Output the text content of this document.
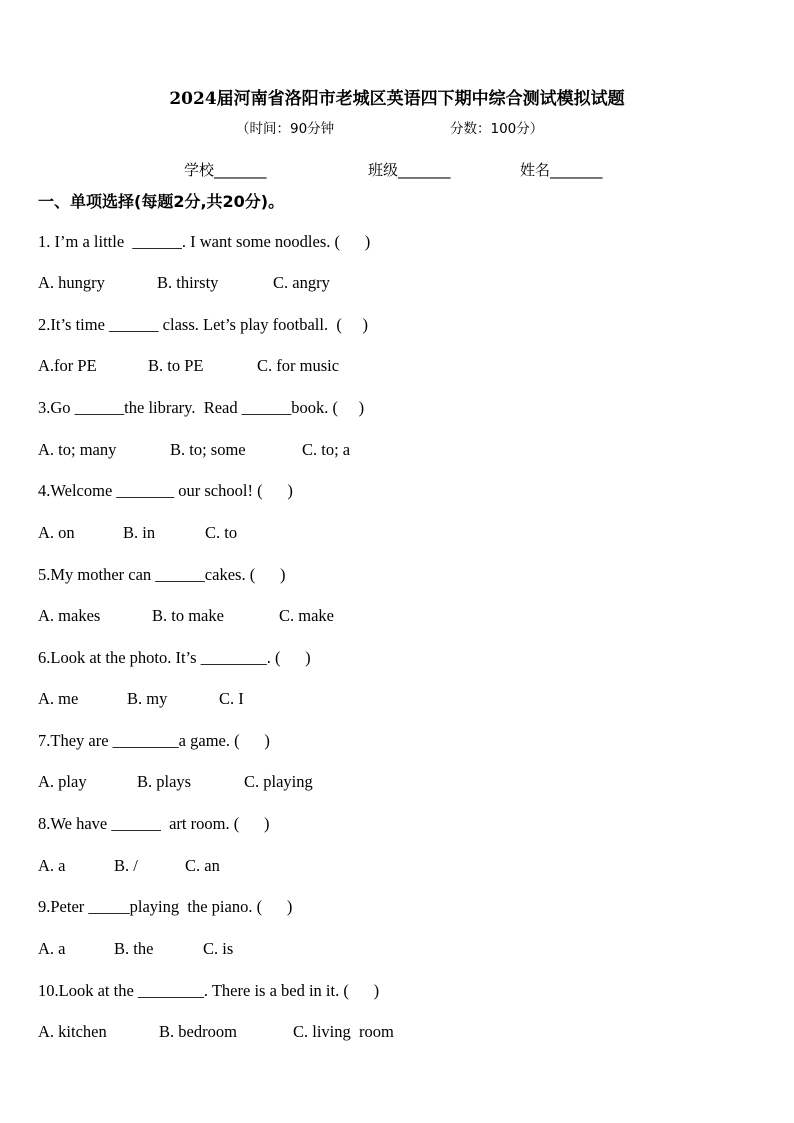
2024届河南省洛阳市老城区英语四下期中综合测试模拟试题
（时间：90分钟	分数：100分）
学校_______	班级_______	姓名_______
一、单项选择(每题2分,共20分)。
1. I’m a little  ______. I want some noodles. (      )

A. hungry

	B. thirsty

	C. angry

2.It’s time ______ class. Let’s play football.  (     )

A.for PE

	B. to PE

	C. for music

3.Go ______the library.  Read ______book. (     )

A. to; many

	B. to; some

	C. to; a

4.Welcome _______ our school! (      )

A. on

	B. in

	C. to

5.My mother can ______cakes. (      )

A. makes

	B. to make

	C. make

6.Look at the photo. It’s ________. (      )

A. me

	B. my

	C. I

7.They are ________a game. (      )

A. play

	B. plays

	C. playing

8.We have ______  art room. (      )

A. a

	B. /

	C. an

9.Peter _____playing  the piano. (      )

A. a

	B. the

	C. is

10.Look at the ________. There is a bed in it. (      )

A. kitchen

	B. bedroom

	C. living  room
